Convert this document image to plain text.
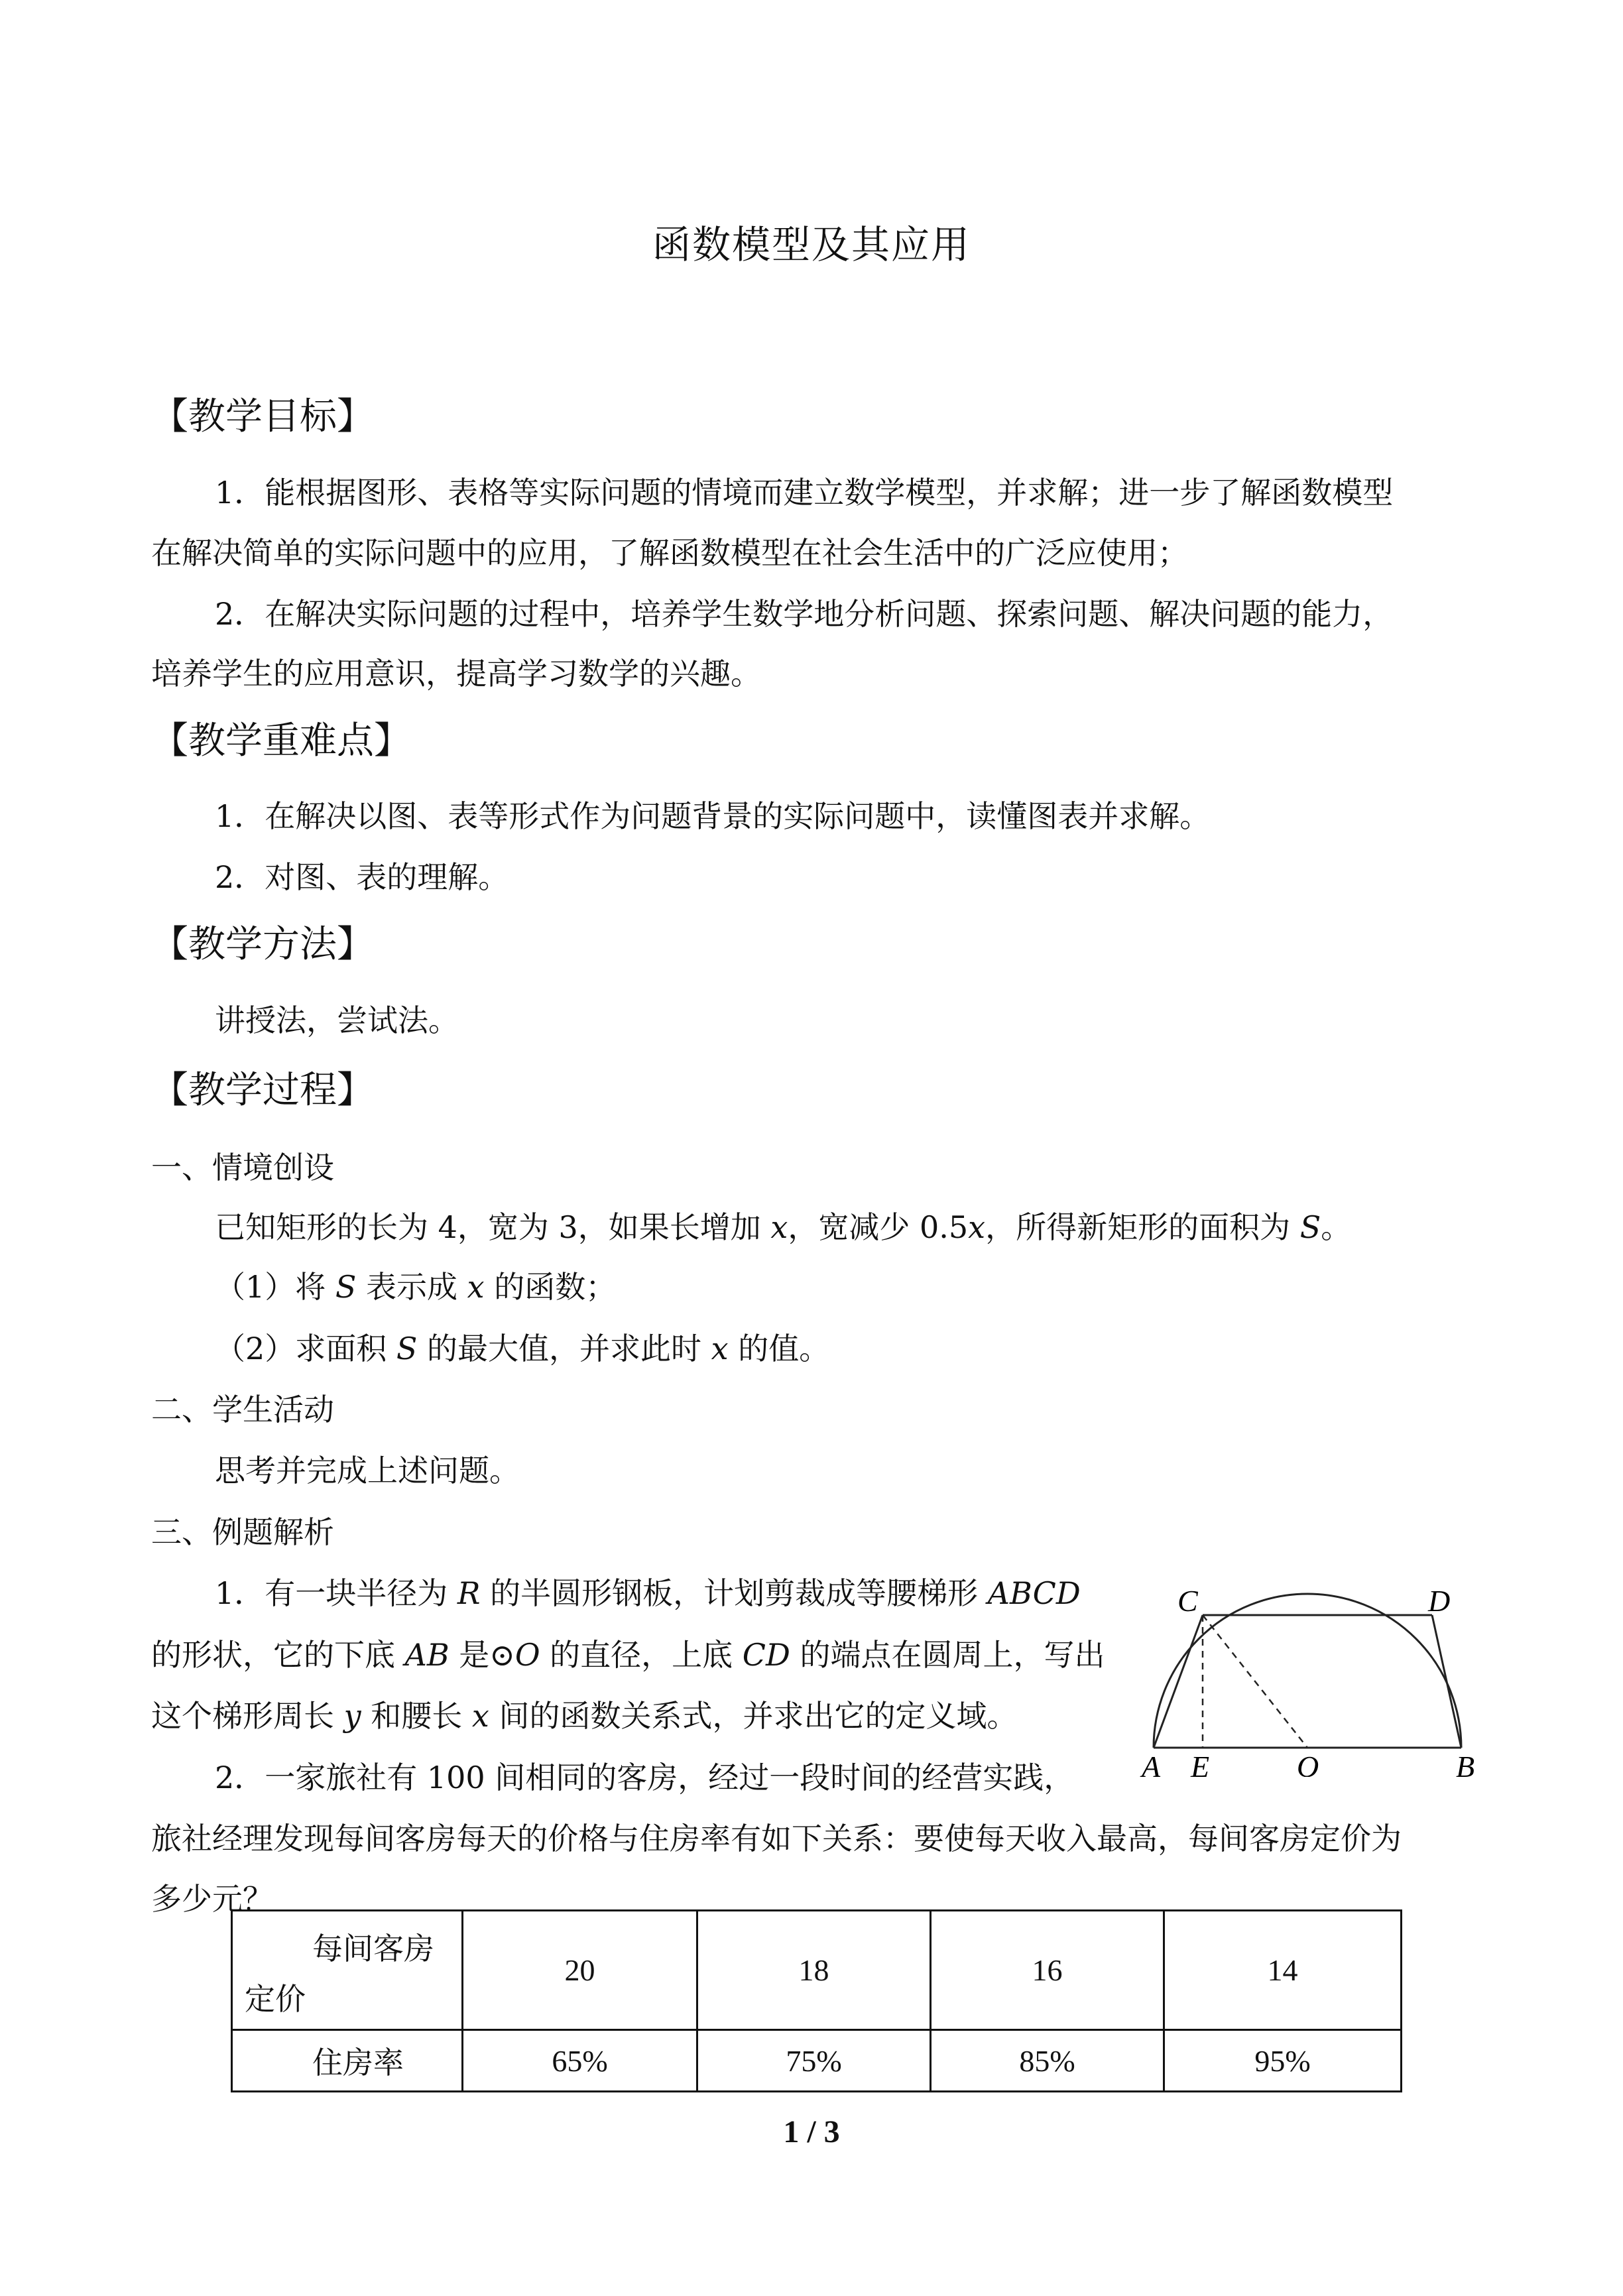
函数模型及其应用
【教学目标】
1．能根据图形、表格等实际问题的情境而建立数学模型，并求解；进一步了解函数模型
在解决简单的实际问题中的应用，了解函数模型在社会生活中的广泛应使用；
2．在解决实际问题的过程中，培养学生数学地分析问题、探索问题、解决问题的能力，
培养学生的应用意识，提高学习数学的兴趣。
【教学重难点】
1．在解决以图、表等形式作为问题背景的实际问题中，读懂图表并求解。
2．对图、表的理解。
【教学方法】
讲授法，尝试法。
【教学过程】
一、情境创设
已知矩形的长为 4，宽为 3，如果长增加 x，宽减少 0.5x，所得新矩形的面积为 S。
（1）将 S 表示成 x 的函数；
（2）求面积 S 的最大值，并求此时 x 的值。
二、学生活动
思考并完成上述问题。
三、例题解析
1．有一块半径为 R 的半圆形钢板，计划剪裁成等腰梯形 ABCD
的形状，它的下底 AB 是⊙O 的直径，上底 CD 的端点在圆周上，写出
这个梯形周长 y 和腰长 x 间的函数关系式，并求出它的定义域。
2．一家旅社有 100 间相同的客房，经过一段时间的经营实践，
旅社经理发现每间客房每天的价格与住房率有如下关系：要使每天收入最高，每间客房定价为
多少元？
C	D
A E	O	B
每间客房
定价	20	18	16	14
住房率	65%	75%	85%	95%
1 / 3
